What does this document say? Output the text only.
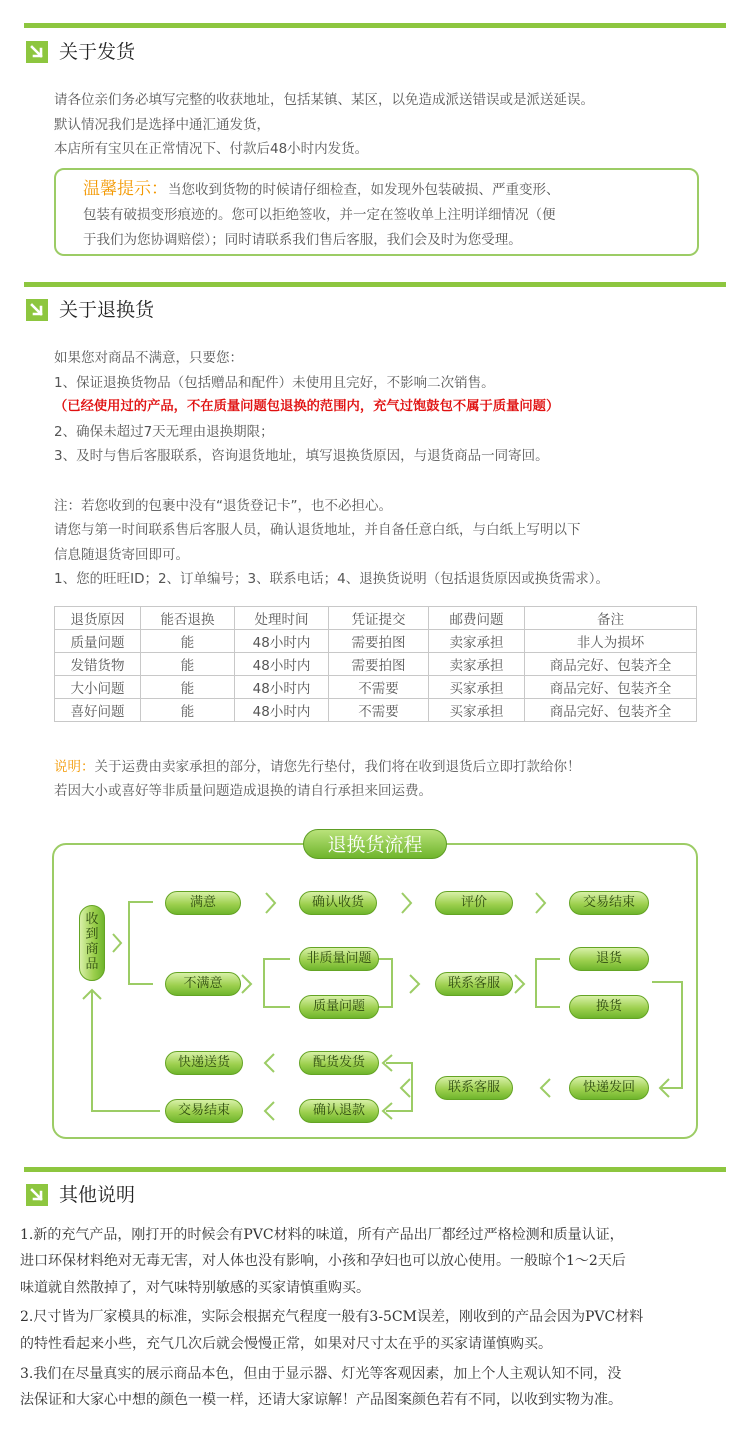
关于发货
请各位亲们务必填写完整的收获地址，包括某镇、某区，以免造成派送错误或是派送延误。
默认情况我们是选择中通汇通发货，
本店所有宝贝在正常情况下、付款后48小时内发货。
温馨提示：当您收到货物的时候请仔细检查，如发现外包装破损、严重变形、
包装有破损变形痕迹的。您可以拒绝签收，并一定在签收单上注明详细情况（便
于我们为您协调赔偿）；同时请联系我们售后客服，我们会及时为您受理。
关于退换货
如果您对商品不满意，只要您：
1、保证退换货物品（包括赠品和配件）未使用且完好，不影响二次销售。
（已经使用过的产品，不在质量问题包退换的范围内，充气过饱鼓包不属于质量问题）
2、确保未超过7天无理由退换期限；
3、及时与售后客服联系，咨询退货地址，填写退换货原因，与退货商品一同寄回。
注：若您收到的包裹中没有“退货登记卡”，也不必担心。
请您与第一时间联系售后客服人员，确认退货地址，并自备任意白纸，与白纸上写明以下
信息随退货寄回即可。
1、您的旺旺ID；2、订单编号；3、联系电话；4、退换货说明（包括退货原因或换货需求）。
退货原因	能否退换	处理时间	凭证提交	邮费问题	备注
质量问题	能	48小时内	需要拍图	卖家承担	非人为损坏
发错货物	能	48小时内	需要拍图	卖家承担	商品完好、包装齐全
大小问题	能	48小时内	不需要	买家承担	商品完好、包装齐全
喜好问题	能	48小时内	不需要	买家承担	商品完好、包装齐全
说明：关于运费由卖家承担的部分，请您先行垫付，我们将在收到退货后立即打款给你！
若因大小或喜好等非质量问题造成退换的请自行承担来回运费。
退换货流程
收到商品
满意	确认收货	评价	交易结束
不满意
非质量问题
质量问题
联系客服
退货
换货
快递发回
联系客服
配货发货
确认退款
快递送货
交易结束
其他说明
1.新的充气产品，刚打开的时候会有PVC材料的味道，所有产品出厂都经过严格检测和质量认证，
进口环保材料绝对无毒无害，对人体也没有影响，小孩和孕妇也可以放心使用。一般晾个1～2天后
味道就自然散掉了，对气味特别敏感的买家请慎重购买。
2.尺寸皆为厂家模具的标准，实际会根据充气程度一般有3-5CM误差，刚收到的产品会因为PVC材料
的特性看起来小些，充气几次后就会慢慢正常，如果对尺寸太在乎的买家请谨慎购买。
3.我们在尽量真实的展示商品本色，但由于显示器、灯光等客观因素，加上个人主观认知不同，没
法保证和大家心中想的颜色一模一样，还请大家谅解！产品图案颜色若有不同，以收到实物为准。
